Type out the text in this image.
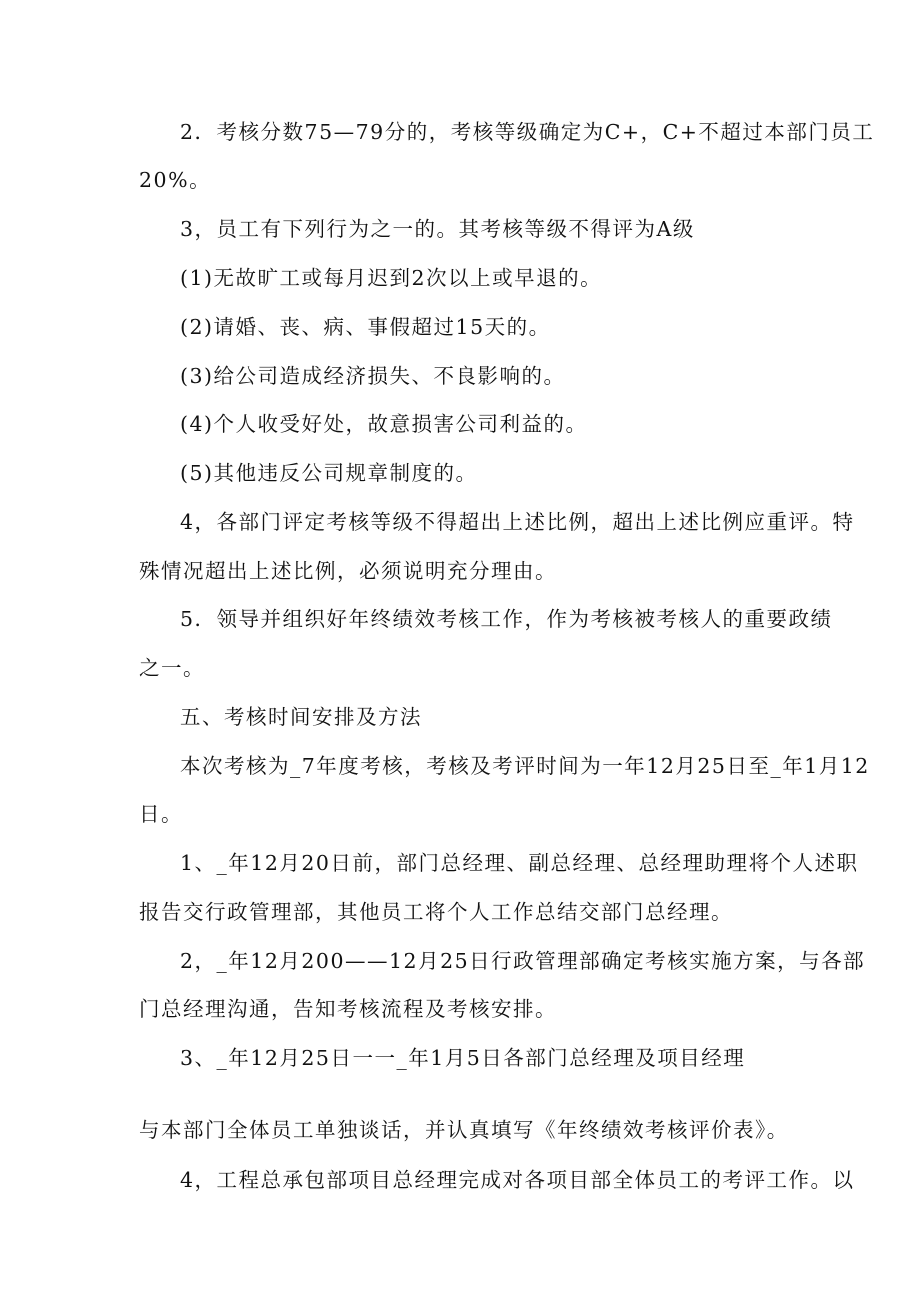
2．考核分数75—79分的，考核等级确定为C+，C+不超过本部门员工
20%。
3，员工有下列行为之一的。其考核等级不得评为A级
(1)无故旷工或每月迟到2次以上或早退的。
(2)请婚、丧、病、事假超过15天的。
(3)给公司造成经济损失、不良影响的。
(4)个人收受好处，故意损害公司利益的。
(5)其他违反公司规章制度的。
4，各部门评定考核等级不得超出上述比例，超出上述比例应重评。特
殊情况超出上述比例，必须说明充分理由。
5．领导并组织好年终绩效考核工作，作为考核被考核人的重要政绩
之一。
五、考核时间安排及方法
本次考核为_7年度考核，考核及考评时间为一年12月25日至_年1月12
日。
1、_年12月20日前，部门总经理、副总经理、总经理助理将个人述职
报告交行政管理部，其他员工将个人工作总结交部门总经理。
2，_年12月200——12月25日行政管理部确定考核实施方案，与各部
门总经理沟通，告知考核流程及考核安排。
3、_年12月25日一一_年1月5日各部门总经理及项目经理
与本部门全体员工单独谈话，并认真填写《年终绩效考核评价表》。
4，工程总承包部项目总经理完成对各项目部全体员工的考评工作。以
